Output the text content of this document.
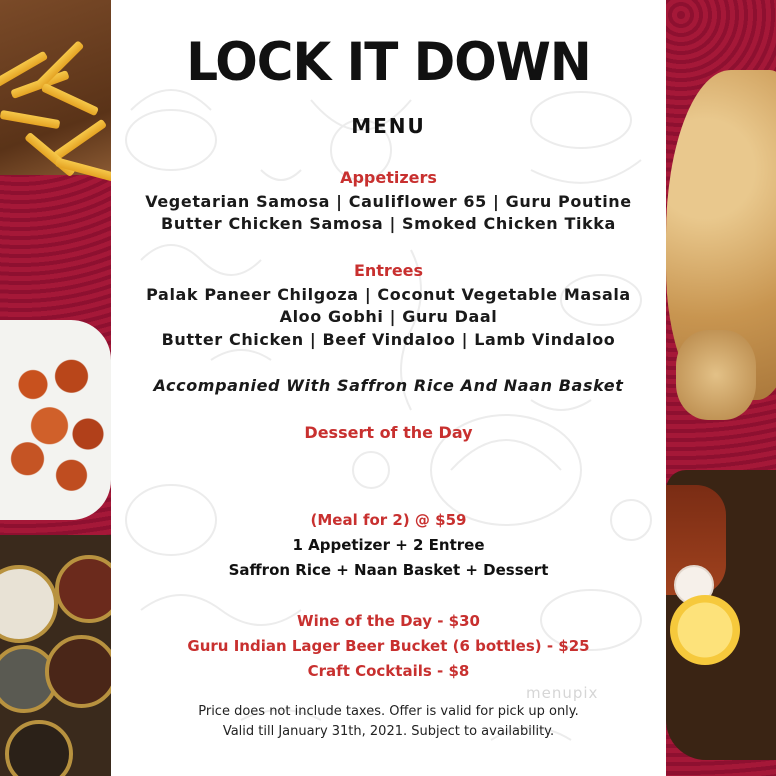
LOCK IT DOWN
MENU
Appetizers
Vegetarian Samosa | Cauliflower 65 | Guru Poutine
Butter Chicken Samosa | Smoked Chicken Tikka
Entrees
Palak Paneer Chilgoza | Coconut Vegetable Masala
Aloo Gobhi | Guru Daal
Butter Chicken | Beef Vindaloo | Lamb Vindaloo
Accompanied With Saffron Rice And Naan Basket
Dessert of the Day
(Meal for 2) @ $59
1 Appetizer + 2 Entree
Saffron Rice + Naan Basket + Dessert
Wine of the Day - $30
Guru Indian Lager Beer Bucket (6 bottles) - $25
Craft Cocktails - $8
Price does not include taxes. Offer is valid for pick up only.
Valid till January 31th, 2021. Subject to availability.
menupix
